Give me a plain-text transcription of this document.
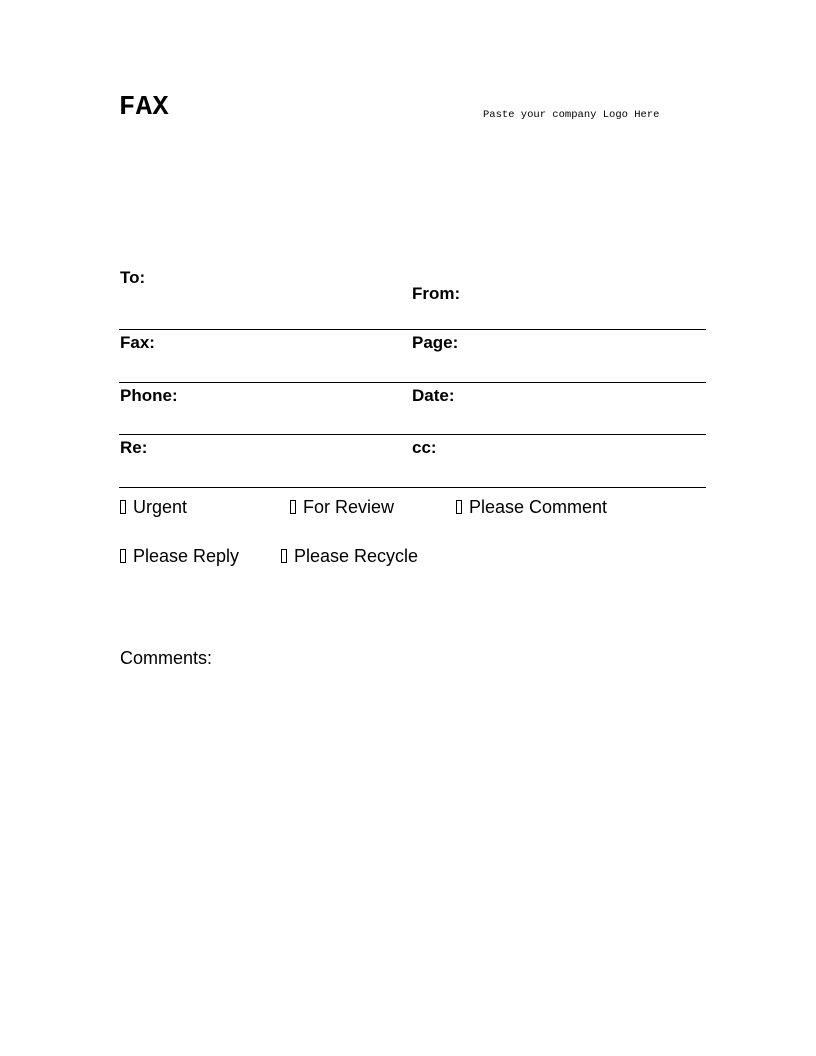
FAX	Paste your company Logo Here
To:
From:
Fax:	Page:
Phone:	Date:
Re:	cc:
Urgent	For Review	Please Comment
Please Reply	Please Recycle
Comments:
